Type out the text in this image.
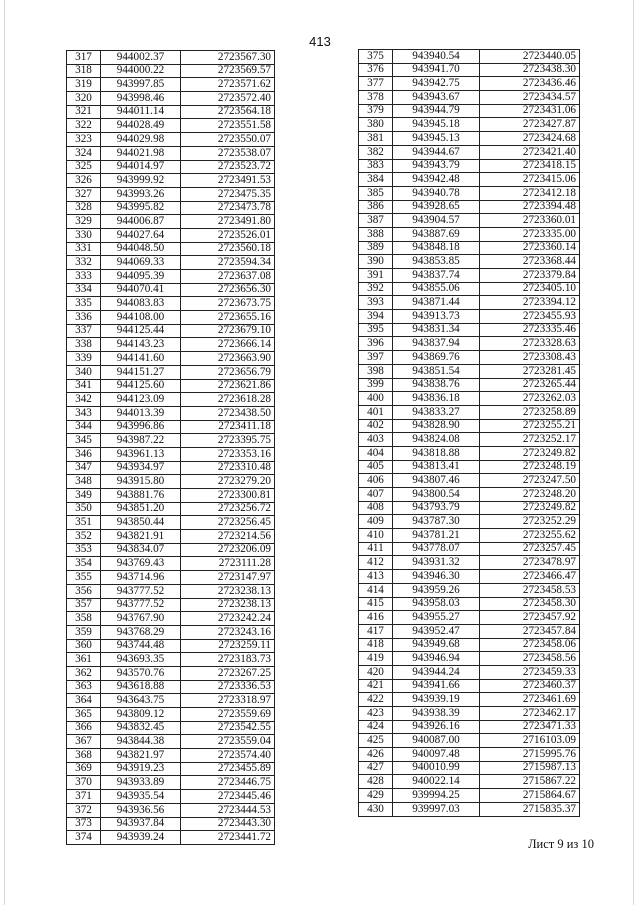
413
317	944002.37	2723567.30
318	944000.22	2723569.57
319	943997.85	2723571.62
320	943998.46	2723572.40
321	944011.14	2723564.18
322	944028.49	2723551.58
323	944029.98	2723550.07
324	944021.98	2723538.07
325	944014.97	2723523.72
326	943999.92	2723491.53
327	943993.26	2723475.35
328	943995.82	2723473.78
329	944006.87	2723491.80
330	944027.64	2723526.01
331	944048.50	2723560.18
332	944069.33	2723594.34
333	944095.39	2723637.08
334	944070.41	2723656.30
335	944083.83	2723673.75
336	944108.00	2723655.16
337	944125.44	2723679.10
338	944143.23	2723666.14
339	944141.60	2723663.90
340	944151.27	2723656.79
341	944125.60	2723621.86
342	944123.09	2723618.28
343	944013.39	2723438.50
344	943996.86	2723411.18
345	943987.22	2723395.75
346	943961.13	2723353.16
347	943934.97	2723310.48
348	943915.80	2723279.20
349	943881.76	2723300.81
350	943851.20	2723256.72
351	943850.44	2723256.45
352	943821.91	2723214.56
353	943834.07	2723206.09
354	943769.43	2723111.28
355	943714.96	2723147.97
356	943777.52	2723238.13
357	943777.52	2723238.13
358	943767.90	2723242.24
359	943768.29	2723243.16
360	943744.48	2723259.11
361	943693.35	2723183.73
362	943570.76	2723267.25
363	943618.88	2723336.53
364	943643.75	2723318.97
365	943809.12	2723559.69
366	943832.45	2723542.55
367	943844.38	2723559.04
368	943821.97	2723574.40
369	943919.23	2723455.89
370	943933.89	2723446.75
371	943935.54	2723445.46
372	943936.56	2723444.53
373	943937.84	2723443.30
374	943939.24	2723441.72
375	943940.54	2723440.05
376	943941.70	2723438.30
377	943942.75	2723436.46
378	943943.67	2723434.57
379	943944.79	2723431.06
380	943945.18	2723427.87
381	943945.13	2723424.68
382	943944.67	2723421.40
383	943943.79	2723418.15
384	943942.48	2723415.06
385	943940.78	2723412.18
386	943928.65	2723394.48
387	943904.57	2723360.01
388	943887.69	2723335.00
389	943848.18	2723360.14
390	943853.85	2723368.44
391	943837.74	2723379.84
392	943855.06	2723405.10
393	943871.44	2723394.12
394	943913.73	2723455.93
395	943831.34	2723335.46
396	943837.94	2723328.63
397	943869.76	2723308.43
398	943851.54	2723281.45
399	943838.76	2723265.44
400	943836.18	2723262.03
401	943833.27	2723258.89
402	943828.90	2723255.21
403	943824.08	2723252.17
404	943818.88	2723249.82
405	943813.41	2723248.19
406	943807.46	2723247.50
407	943800.54	2723248.20
408	943793.79	2723249.82
409	943787.30	2723252.29
410	943781.21	2723255.62
411	943778.07	2723257.45
412	943931.32	2723478.97
413	943946.30	2723466.47
414	943959.26	2723458.53
415	943958.03	2723458.30
416	943955.27	2723457.92
417	943952.47	2723457.84
418	943949.68	2723458.06
419	943946.94	2723458.56
420	943944.24	2723459.33
421	943941.66	2723460.37
422	943939.19	2723461.69
423	943938.39	2723462.17
424	943926.16	2723471.33
425	940087.00	2716103.09
426	940097.48	2715995.76
427	940010.99	2715987.13
428	940022.14	2715867.22
429	939994.25	2715864.67
430	939997.03	2715835.37
Лист 9 из 10
